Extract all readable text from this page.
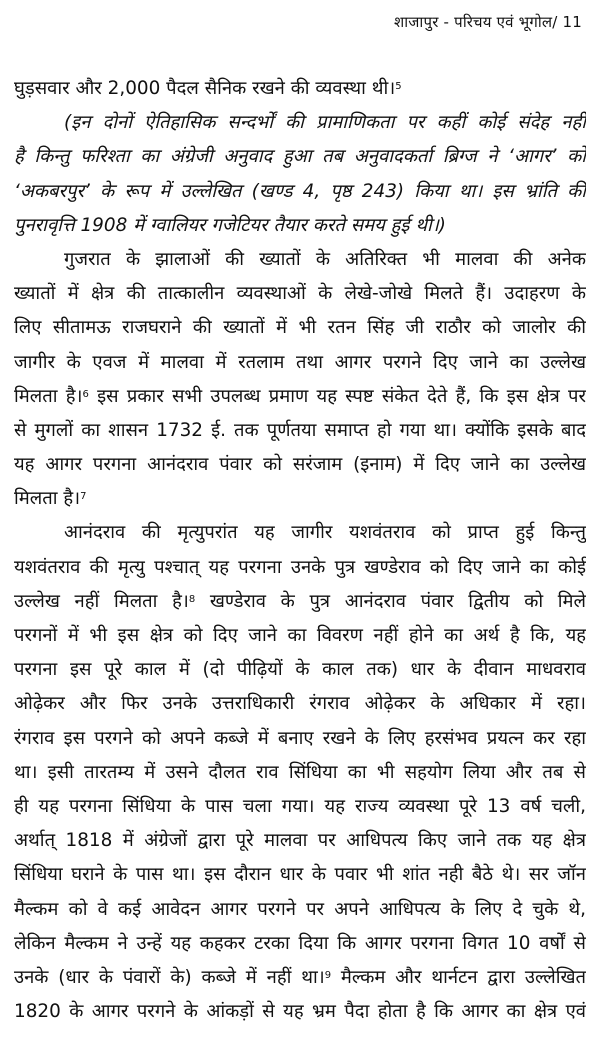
शाजापुर - परिचय एवं भूगोल/ 11
घुड़सवार और 2,000 पैदल सैनिक रखने की व्यवस्था थी।$^5$
(इन दोनों ऐतिहासिक सन्दर्भों की प्रामाणिकता पर कहीं कोई संदेह नहीं
है किन्तु फरिश्ता का अंग्रेजी अनुवाद हुआ तब अनुवादकर्ता ब्रिग्ज ने ‘आगर’ को
‘अकबरपुर’ के रूप में उल्लेखित (खण्ड 4, पृष्ठ 243) किया था। इस भ्रांति की
पुनरावृत्ति 1908 में ग्वालियर गजेटियर तैयार करते समय हुई थी।)
गुजरात के झालाओं की ख्यातों के अतिरिक्त भी मालवा की अनेक
ख्यातों में क्षेत्र की तात्कालीन व्यवस्थाओं के लेखे-जोखे मिलते हैं। उदाहरण के
लिए सीतामऊ राजघराने की ख्यातों में भी रतन सिंह जी राठौर को जालोर की
जागीर के एवज में मालवा में रतलाम तथा आगर परगने दिए जाने का उल्लेख
मिलता है।$^6$ इस प्रकार सभी उपलब्ध प्रमाण यह स्पष्ट संकेत देते हैं, कि इस क्षेत्र पर
से मुगलों का शासन 1732 ई. तक पूर्णतया समाप्त हो गया था। क्योंकि इसके बाद
यह आगर परगना आनंदराव पंवार को सरंजाम (इनाम) में दिए जाने का उल्लेख
मिलता है।$^7$
आनंदराव की मृत्युपरांत यह जागीर यशवंतराव को प्राप्त हुई किन्तु
यशवंतराव की मृत्यु पश्चात् यह परगना उनके पुत्र खण्डेराव को दिए जाने का कोई
उल्लेख नहीं मिलता है।$^8$ खण्डेराव के पुत्र आनंदराव पंवार द्वितीय को मिले
परगनों में भी इस क्षेत्र को दिए जाने का विवरण नहीं होने का अर्थ है कि, यह
परगना इस पूरे काल में (दो पीढ़ियों के काल तक) धार के दीवान माधवराव
ओढ़ेकर और फिर उनके उत्तराधिकारी रंगराव ओढ़ेकर के अधिकार में रहा।
रंगराव इस परगने को अपने कब्जे में बनाए रखने के लिए हरसंभव प्रयत्न कर रहा
था। इसी तारतम्य में उसने दौलत राव सिंधिया का भी सहयोग लिया और तब से
ही यह परगना सिंधिया के पास चला गया। यह राज्य व्यवस्था पूरे 13 वर्ष चली,
अर्थात् 1818 में अंग्रेजों द्वारा पूरे मालवा पर आधिपत्य किए जाने तक यह क्षेत्र
सिंधिया घराने के पास था। इस दौरान धार के पवार भी शांत नही बैठे थे। सर जॉन
मैल्कम को वे कई आवेदन आगर परगने पर अपने आधिपत्य के लिए दे चुके थे,
लेकिन मैल्कम ने उन्हें यह कहकर टरका दिया कि आगर परगना विगत 10 वर्षों से
उनके (धार के पंवारों के) कब्जे में नहीं था।$^9$ मैल्कम और थार्नटन द्वारा उल्लेखित
1820 के आगर परगने के आंकड़ों से यह भ्रम पैदा होता है कि आगर का क्षेत्र एवं
